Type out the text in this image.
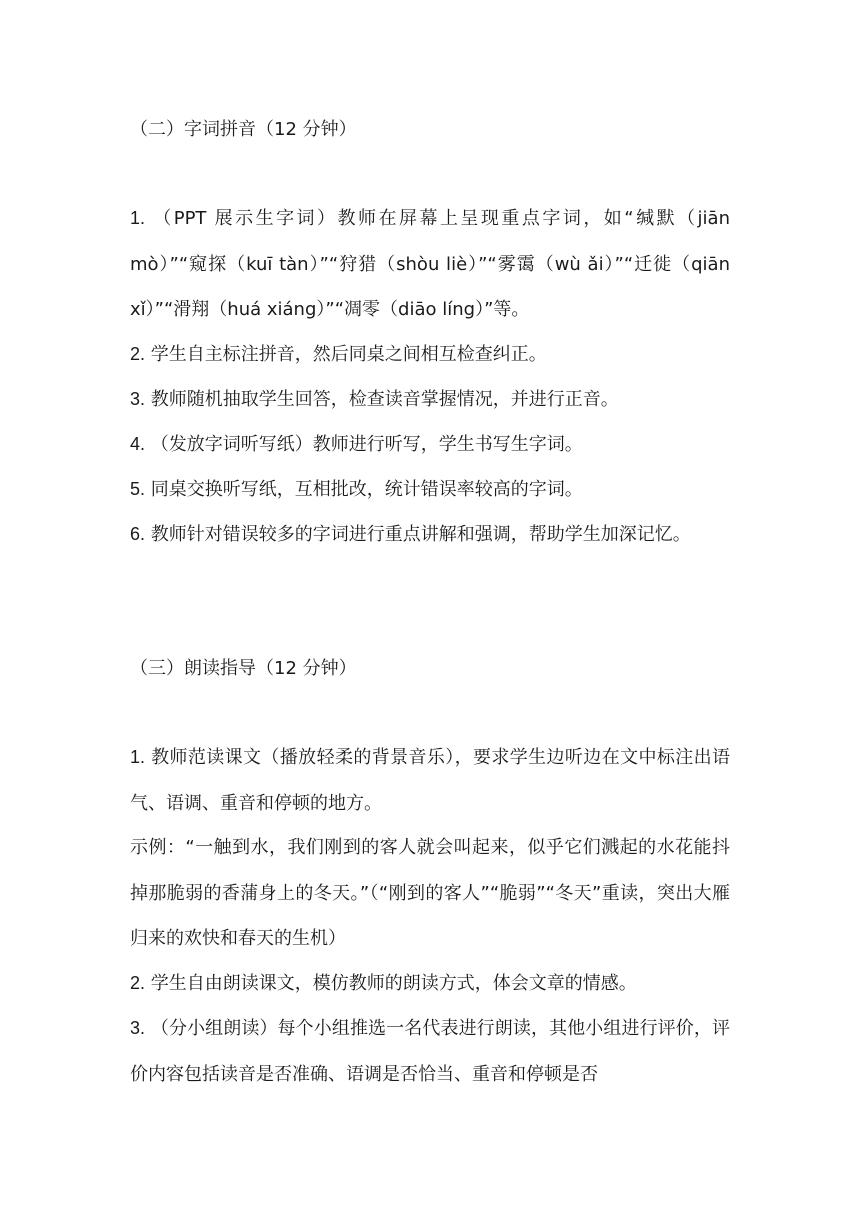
（二）字词拼音（12 分钟）

1. （PPT 展示生字词）教师在屏幕上呈现重点字词，如“缄默（jiān mò）”“窥探（kuī tàn）”“狩猎（shòu liè）”“雾霭（wù ǎi）”“迁徙（qiān xǐ）”“滑翔（huá xiáng）”“凋零（diāo líng）”等。

2. 学生自主标注拼音，然后同桌之间相互检查纠正。

3. 教师随机抽取学生回答，检查读音掌握情况，并进行正音。

4. （发放字词听写纸）教师进行听写，学生书写生字词。

5. 同桌交换听写纸，互相批改，统计错误率较高的字词。

6. 教师针对错误较多的字词进行重点讲解和强调，帮助学生加深记忆。

（三）朗读指导（12 分钟）

1. 教师范读课文（播放轻柔的背景音乐），要求学生边听边在文中标注出语气、语调、重音和停顿的地方。

示例：“一触到水，我们刚到的客人就会叫起来，似乎它们溅起的水花能抖掉那脆弱的香蒲身上的冬天。”（“刚到的客人”“脆弱”“冬天”重读，突出大雁归来的欢快和春天的生机）

2. 学生自由朗读课文，模仿教师的朗读方式，体会文章的情感。

3. （分小组朗读）每个小组推选一名代表进行朗读，其他小组进行评价，评价内容包括读音是否准确、语调是否恰当、重音和停顿是否
